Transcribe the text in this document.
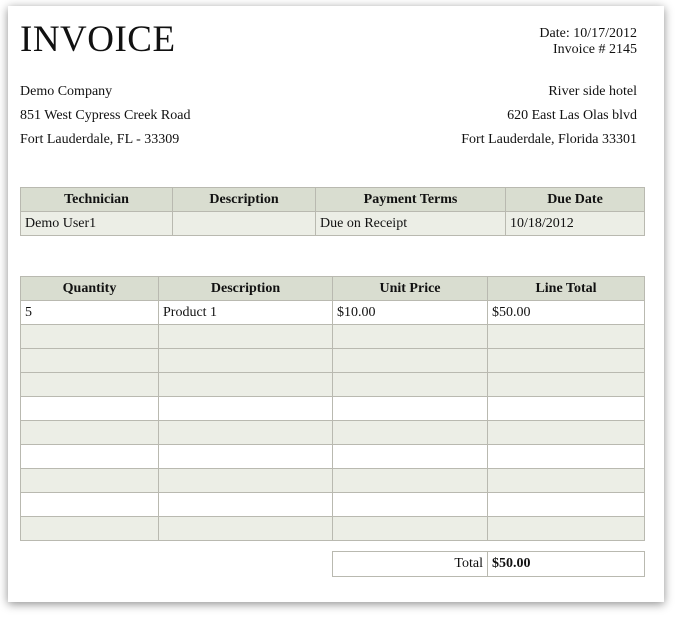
INVOICE	Date: 10/17/2012
Invoice # 2145
Demo Company
851 West Cypress Creek Road
Fort Lauderdale, FL - 33309
River side hotel
620 East Las Olas blvd
Fort Lauderdale, Florida 33301
Technician	Description	Payment Terms	Due Date
Demo User1		Due on Receipt	10/18/2012
Quantity	Description	Unit Price	Line Total
5	Product 1	$10.00	$50.00

Total	$50.00
